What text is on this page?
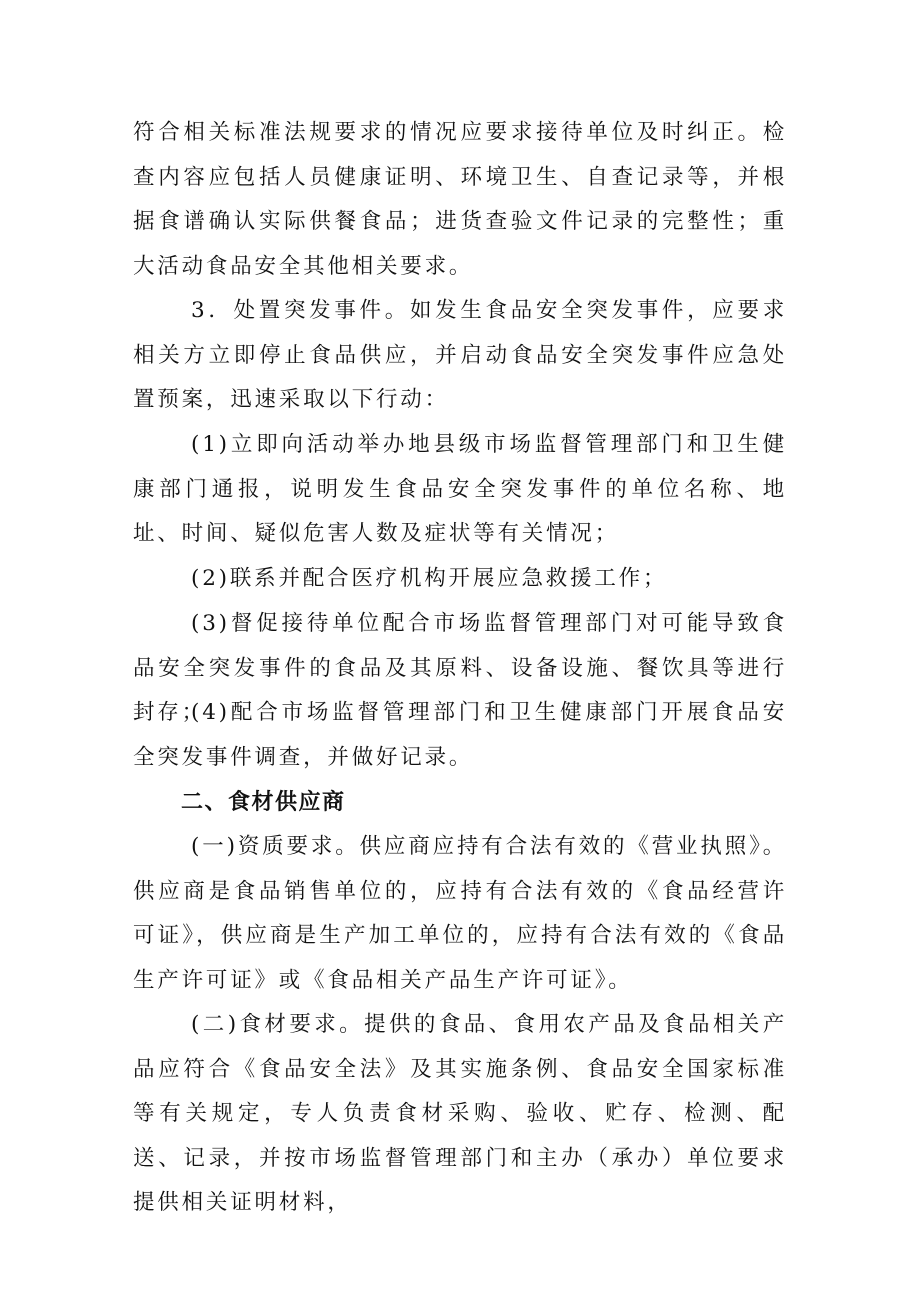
符合相关标准法规要求的情况应要求接待单位及时纠正。检查内容应包括人员健康证明、环境卫生、自查记录等，并根据食谱确认实际供餐食品；进货查验文件记录的完整性；重大活动食品安全其他相关要求。

3．处置突发事件。如发生食品安全突发事件，应要求相关方立即停止食品供应，并启动食品安全突发事件应急处置预案，迅速采取以下行动：

(1)立即向活动举办地县级市场监督管理部门和卫生健康部门通报，说明发生食品安全突发事件的单位名称、地址、时间、疑似危害人数及症状等有关情况；

(2)联系并配合医疗机构开展应急救援工作；

(3)督促接待单位配合市场监督管理部门对可能导致食品安全突发事件的食品及其原料、设备设施、餐饮具等进行封存；

(4)配合市场监督管理部门和卫生健康部门开展食品安全突发事件调查，并做好记录。

二、食材供应商

(一)资质要求。供应商应持有合法有效的《营业执照》。供应商是食品销售单位的，应持有合法有效的《食品经营许可证》，供应商是生产加工单位的，应持有合法有效的《食品生产许可证》或《食品相关产品生产许可证》。

(二)食材要求。提供的食品、食用农产品及食品相关产品应符合《食品安全法》及其实施条例、食品安全国家标准等有关规定，专人负责食材采购、验收、贮存、检测、配送、记录，并按市场监督管理部门和主办（承办）单位要求提供相关证明材料，
